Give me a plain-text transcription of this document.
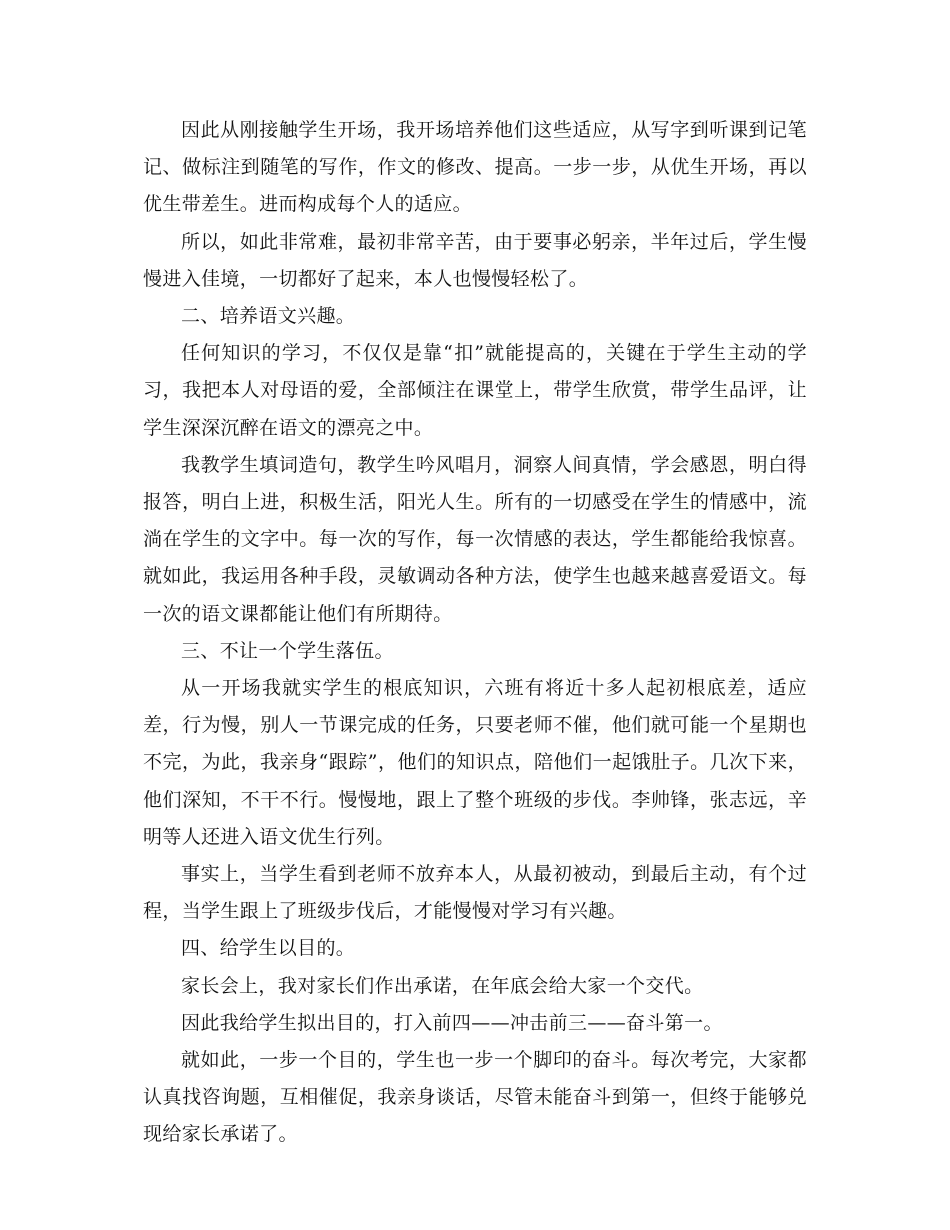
因此从刚接触学生开场，我开场培养他们这些适应，从写字到听课到记笔记、做标注到随笔的写作，作文的修改、提高。一步一步，从优生开场，再以优生带差生。进而构成每个人的适应。

所以，如此非常难，最初非常辛苦，由于要事必躬亲，半年过后，学生慢慢进入佳境，一切都好了起来，本人也慢慢轻松了。

二、培养语文兴趣。

任何知识的学习，不仅仅是靠“扣”就能提高的，关键在于学生主动的学习，我把本人对母语的爱，全部倾注在课堂上，带学生欣赏，带学生品评，让学生深深沉醉在语文的漂亮之中。

我教学生填词造句，教学生吟风唱月，洞察人间真情，学会感恩，明白得报答，明白上进，积极生活，阳光人生。所有的一切感受在学生的情感中，流淌在学生的文字中。每一次的写作，每一次情感的表达，学生都能给我惊喜。就如此，我运用各种手段，灵敏调动各种方法，使学生也越来越喜爱语文。每一次的语文课都能让他们有所期待。

三、不让一个学生落伍。

从一开场我就实学生的根底知识，六班有将近十多人起初根底差，适应差，行为慢，别人一节课完成的任务，只要老师不催，他们就可能一个星期也不完，为此，我亲身“跟踪”，他们的知识点，陪他们一起饿肚子。几次下来，他们深知，不干不行。慢慢地，跟上了整个班级的步伐。李帅锋，张志远，辛明等人还进入语文优生行列。

事实上，当学生看到老师不放弃本人，从最初被动，到最后主动，有个过程，当学生跟上了班级步伐后，才能慢慢对学习有兴趣。

四、给学生以目的。

家长会上，我对家长们作出承诺，在年底会给大家一个交代。

因此我给学生拟出目的，打入前四——冲击前三——奋斗第一。

就如此，一步一个目的，学生也一步一个脚印的奋斗。每次考完，大家都认真找咨询题，互相催促，我亲身谈话，尽管未能奋斗到第一，但终于能够兑现给家长承诺了。
